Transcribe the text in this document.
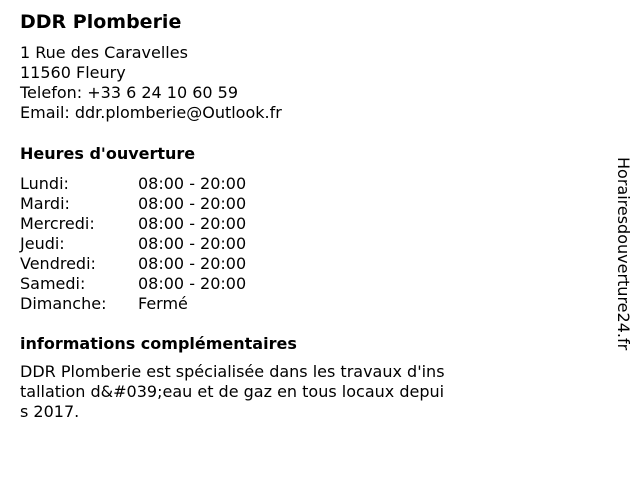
DDR Plomberie
1 Rue des Caravelles
11560 Fleury
Telefon: +33 6 24 10 60 59
Email: ddr.plomberie@Outlook.fr
Heures d'ouverture
Lundi:	08:00 - 20:00
Mardi:	08:00 - 20:00
Mercredi:	08:00 - 20:00
Jeudi:	08:00 - 20:00
Vendredi:	08:00 - 20:00
Samedi:	08:00 - 20:00
Dimanche:	Fermé
informations complémentaires

DDR Plomberie est spécialisée dans les travaux d'installation d&#039;eau et de gaz en tous locaux depuis 2017.

Horairesdouverture24.fr
